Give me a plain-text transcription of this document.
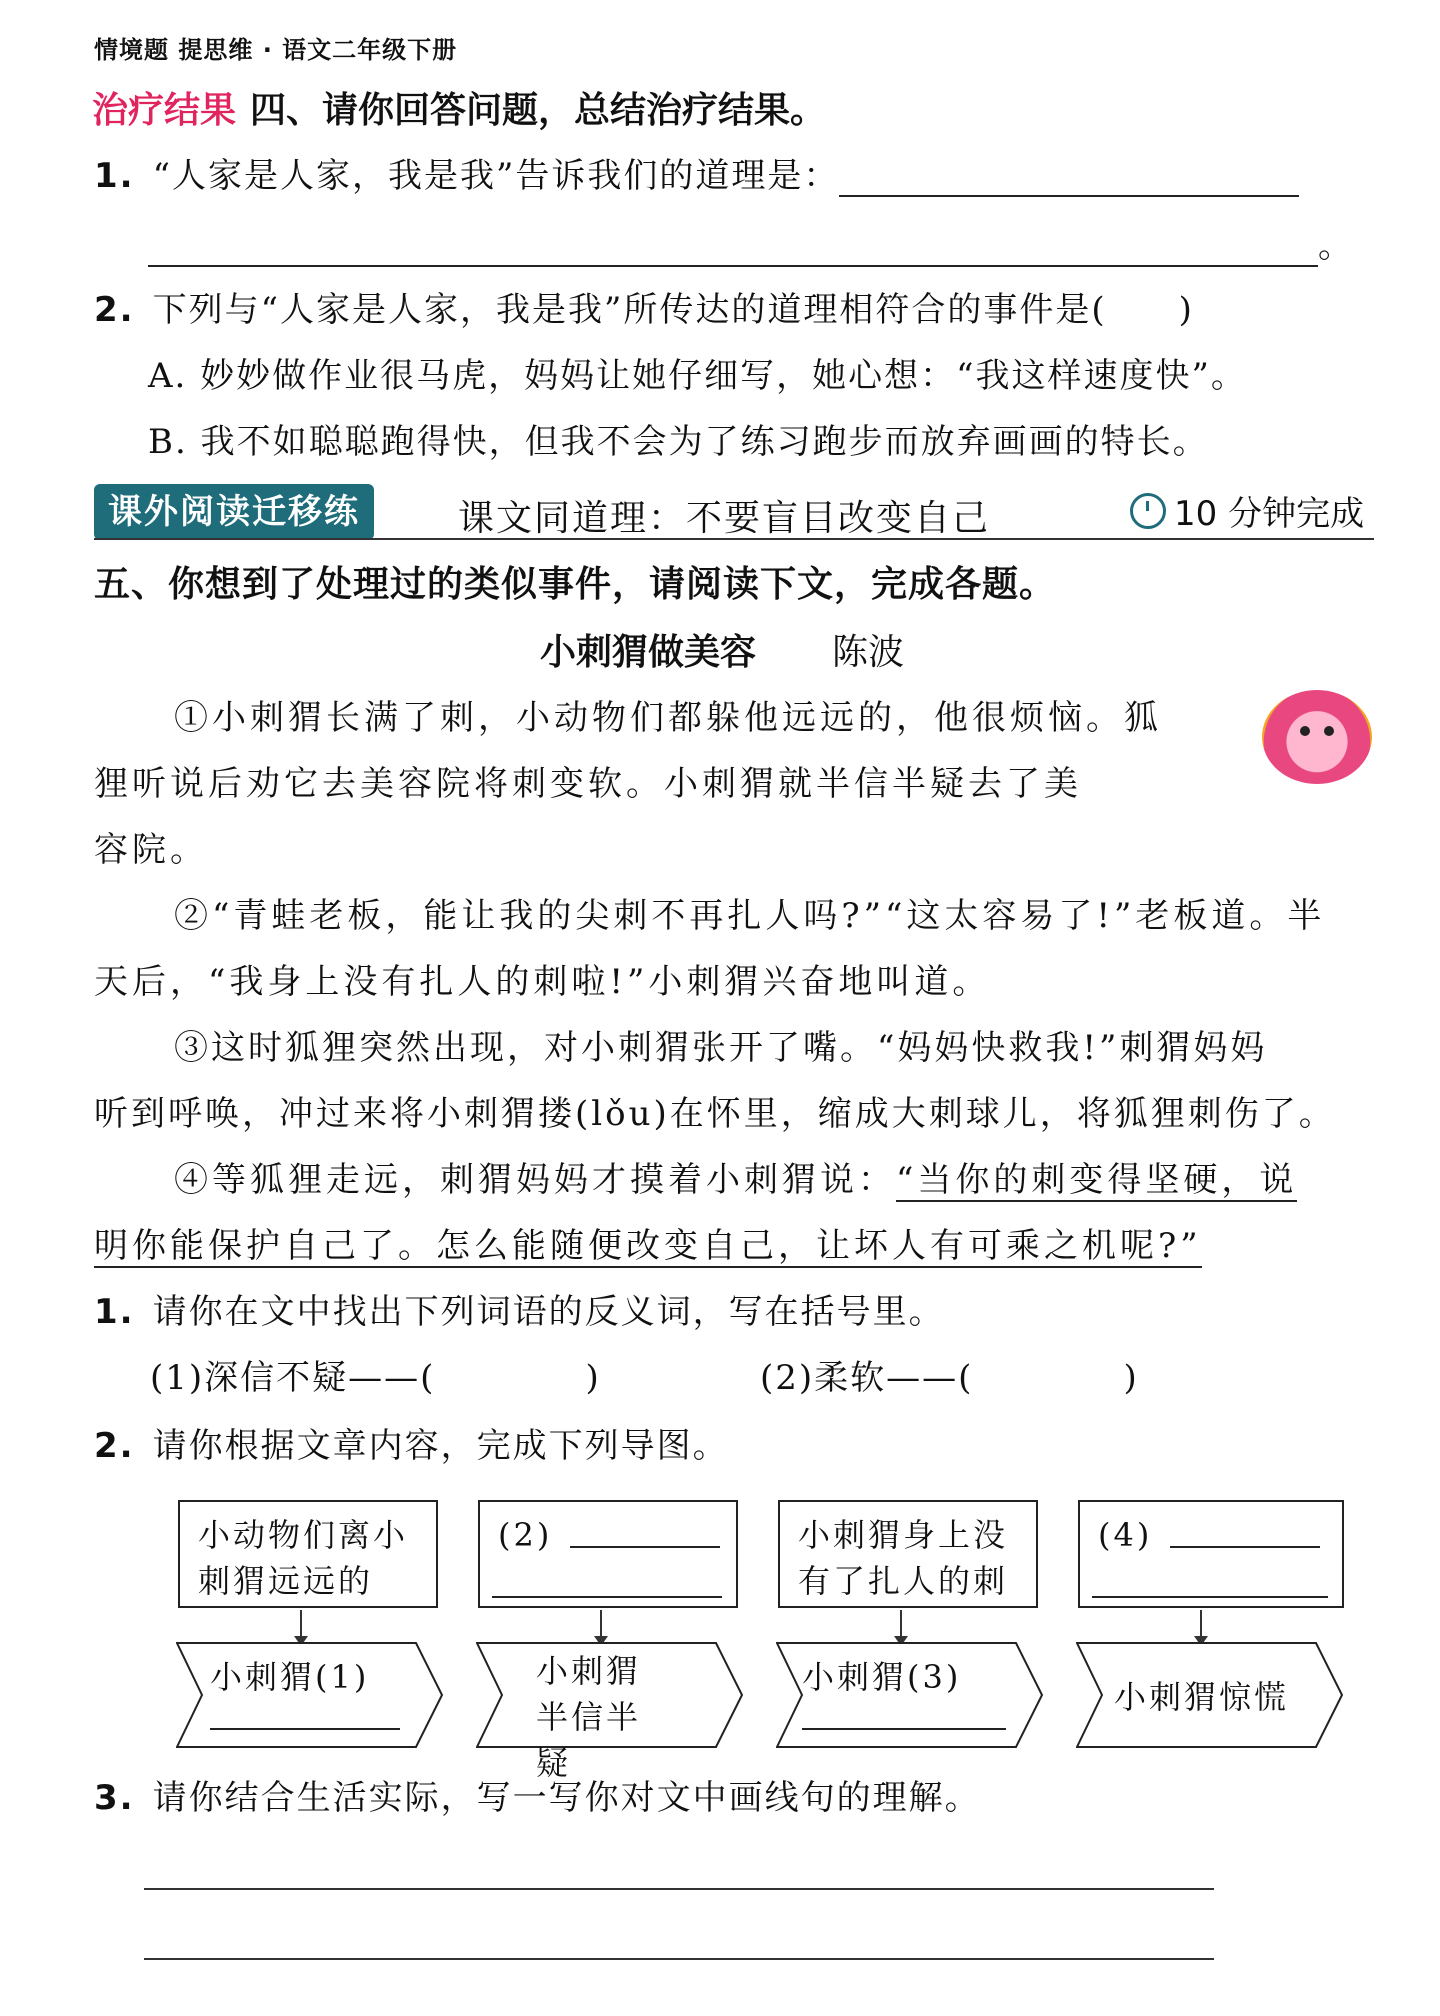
情境题 提思维 · 语文二年级下册
治疗结果 四、请你回答问题，总结治疗结果。
1. “人家是人家，我是我”告诉我们的道理是：
。
2. 下列与“人家是人家，我是我”所传达的道理相符合的事件是(　　)
A. 妙妙做作业很马虎，妈妈让她仔细写，她心想：“我这样速度快”。
B. 我不如聪聪跑得快，但我不会为了练习跑步而放弃画画的特长。
课外阅读迁移练	课文同道理：不要盲目改变自己	10 分钟完成
五、你想到了处理过的类似事件，请阅读下文，完成各题。
小刺猬做美容 陈波
①小刺猬长满了刺，小动物们都躲他远远的，他很烦恼。狐
狸听说后劝它去美容院将刺变软。小刺猬就半信半疑去了美
容院。
②“青蛙老板，能让我的尖刺不再扎人吗?”“这太容易了!”老板道。半
天后，“我身上没有扎人的刺啦!”小刺猬兴奋地叫道。
③这时狐狸突然出现，对小刺猬张开了嘴。“妈妈快救我!”刺猬妈妈
听到呼唤，冲过来将小刺猬搂(lǒu)在怀里，缩成大刺球儿，将狐狸刺伤了。
④等狐狸走远，刺猬妈妈才摸着小刺猬说：“当你的刺变得坚硬，说
明你能保护自己了。怎么能随便改变自己，让坏人有可乘之机呢?”
1. 请你在文中找出下列词语的反义词，写在括号里。
(1)深信不疑——(	)	(2)柔软——(	)
2. 请你根据文章内容，完成下列导图。
小动物们离小刺猬远远的
(2)	小刺猬身上没有了扎人的刺
(4)
小刺猬(1)	小刺猬半信半疑
小刺猬(3)
小刺猬惊慌
3. 请你结合生活实际，写一写你对文中画线句的理解。
